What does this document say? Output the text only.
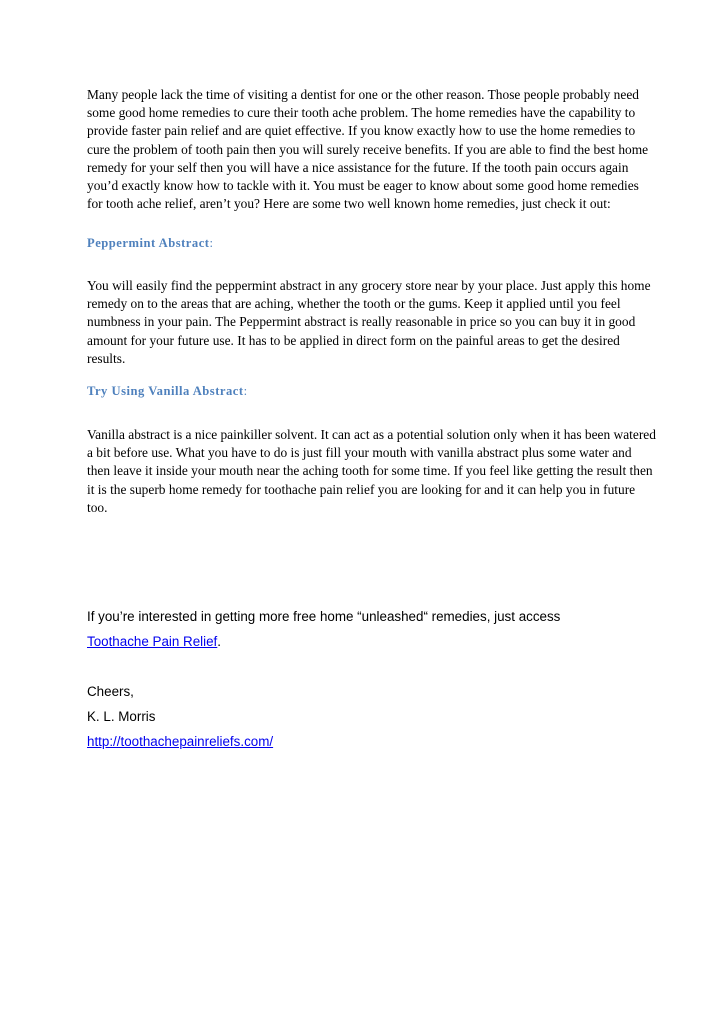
Many people lack the time of visiting a dentist for one or the other reason. Those people probably need some good home remedies to cure their tooth ache problem. The home remedies have the capability to provide faster pain relief and are quiet effective. If you know exactly how to use the home remedies to cure the problem of tooth pain then you will surely receive benefits. If you are able to find the best home remedy for your self then you will have a nice assistance for the future. If the tooth pain occurs again you’d exactly know how to tackle with it. You must be eager to know about some good home remedies for tooth ache relief, aren’t you? Here are some two well known home remedies, just check it out:

Peppermint Abstract:

You will easily find the peppermint abstract in any grocery store near by your place. Just apply this home remedy on to the areas that are aching, whether the tooth or the gums. Keep it applied until you feel numbness in your pain. The Peppermint abstract is really reasonable in price so you can buy it in good amount for your future use. It has to be applied in direct form on the painful areas to get the desired results.

Try Using Vanilla Abstract:

Vanilla abstract is a nice painkiller solvent. It can act as a potential solution only when it has been watered a bit before use. What you have to do is just fill your mouth with vanilla abstract plus some water and then leave it inside your mouth near the aching tooth for some time. If you feel like getting the result then it is the superb home remedy for toothache pain relief you are looking for and it can help you in future too.

If you’re interested in getting more free home “unleashed“ remedies, just access

Toothache Pain Relief.

Cheers,

K. L. Morris

http://toothachepainreliefs.com/
